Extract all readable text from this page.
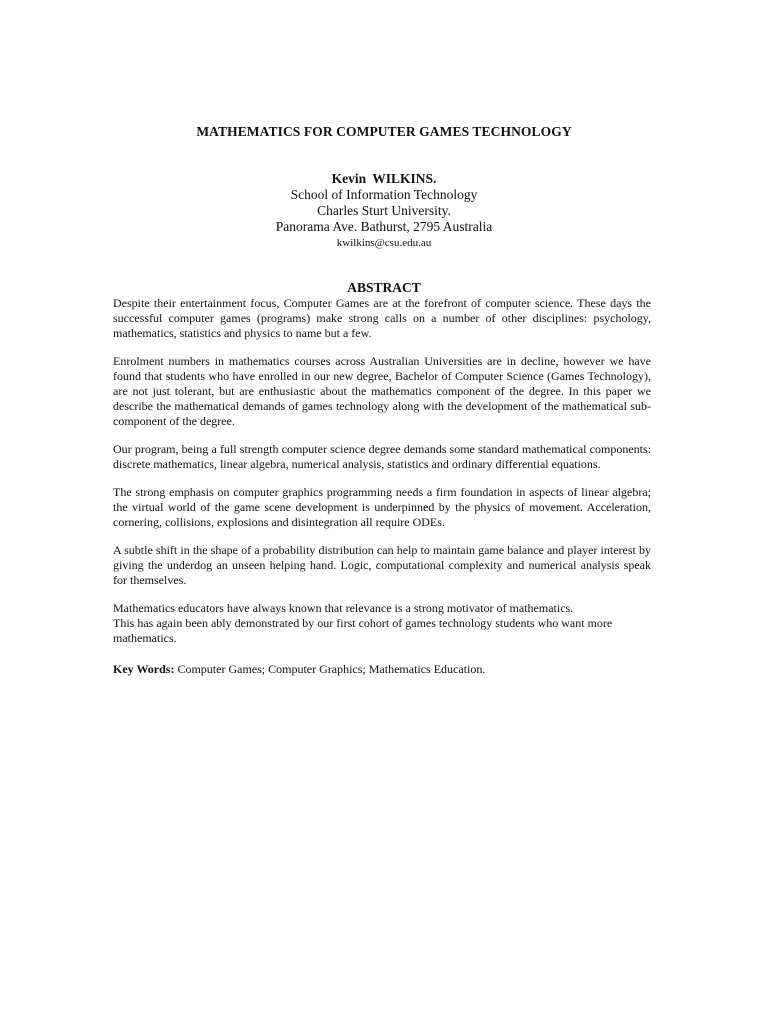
MATHEMATICS FOR COMPUTER GAMES TECHNOLOGY
Kevin WILKINS.
School of Information Technology
Charles Sturt University.
Panorama Ave. Bathurst, 2795 Australia
kwilkins@csu.edu.au
ABSTRACT

Despite their entertainment focus, Computer Games are at the forefront of computer science. These days the successful computer games (programs) make strong calls on a number of other disciplines: psychology, mathematics, statistics and physics to name but a few.

Enrolment numbers in mathematics courses across Australian Universities are in decline, however we have found that students who have enrolled in our new degree, Bachelor of Computer Science (Games Technology), are not just tolerant, but are enthusiastic about the mathematics component of the degree. In this paper we describe the mathematical demands of games technology along with the development of the mathematical sub-component of the degree.

Our program, being a full strength computer science degree demands some standard mathematical components: discrete mathematics, linear algebra, numerical analysis, statistics and ordinary differential equations.

The strong emphasis on computer graphics programming needs a firm foundation in aspects of linear algebra; the virtual world of the game scene development is underpinned by the physics of movement. Acceleration, cornering, collisions, explosions and disintegration all require ODEs.

A subtle shift in the shape of a probability distribution can help to maintain game balance and player interest by giving the underdog an unseen helping hand. Logic, computational complexity and numerical analysis speak for themselves.

Mathematics educators have always known that relevance is a strong motivator of mathematics.
This has again been ably demonstrated by our first cohort of games technology students who want more mathematics.

Key Words: Computer Games; Computer Graphics; Mathematics Education.
